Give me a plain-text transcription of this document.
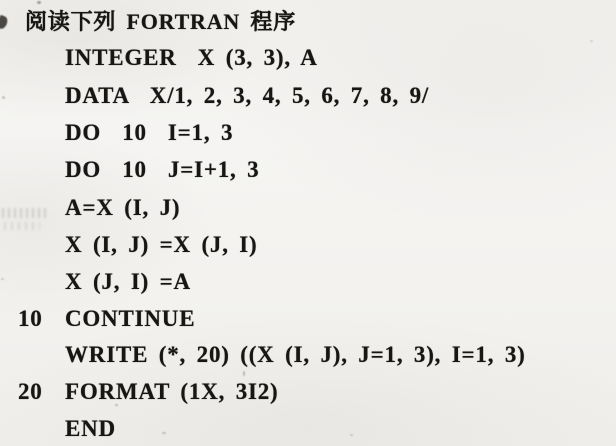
阅读下列 FORTRAN 程序

INTEGER  X (3, 3), A

DATA  X/1, 2, 3, 4, 5, 6, 7, 8, 9/

DO  10  I=1, 3

DO  10  J=I+1, 3

A=X (I, J)

X (I, J) =X (J, I)

X (J, I) =A

10

CONTINUE

WRITE (*, 20) ((X (I, J), J=1, 3), I=1, 3)

20

FORMAT (1X, 3I2)

END
